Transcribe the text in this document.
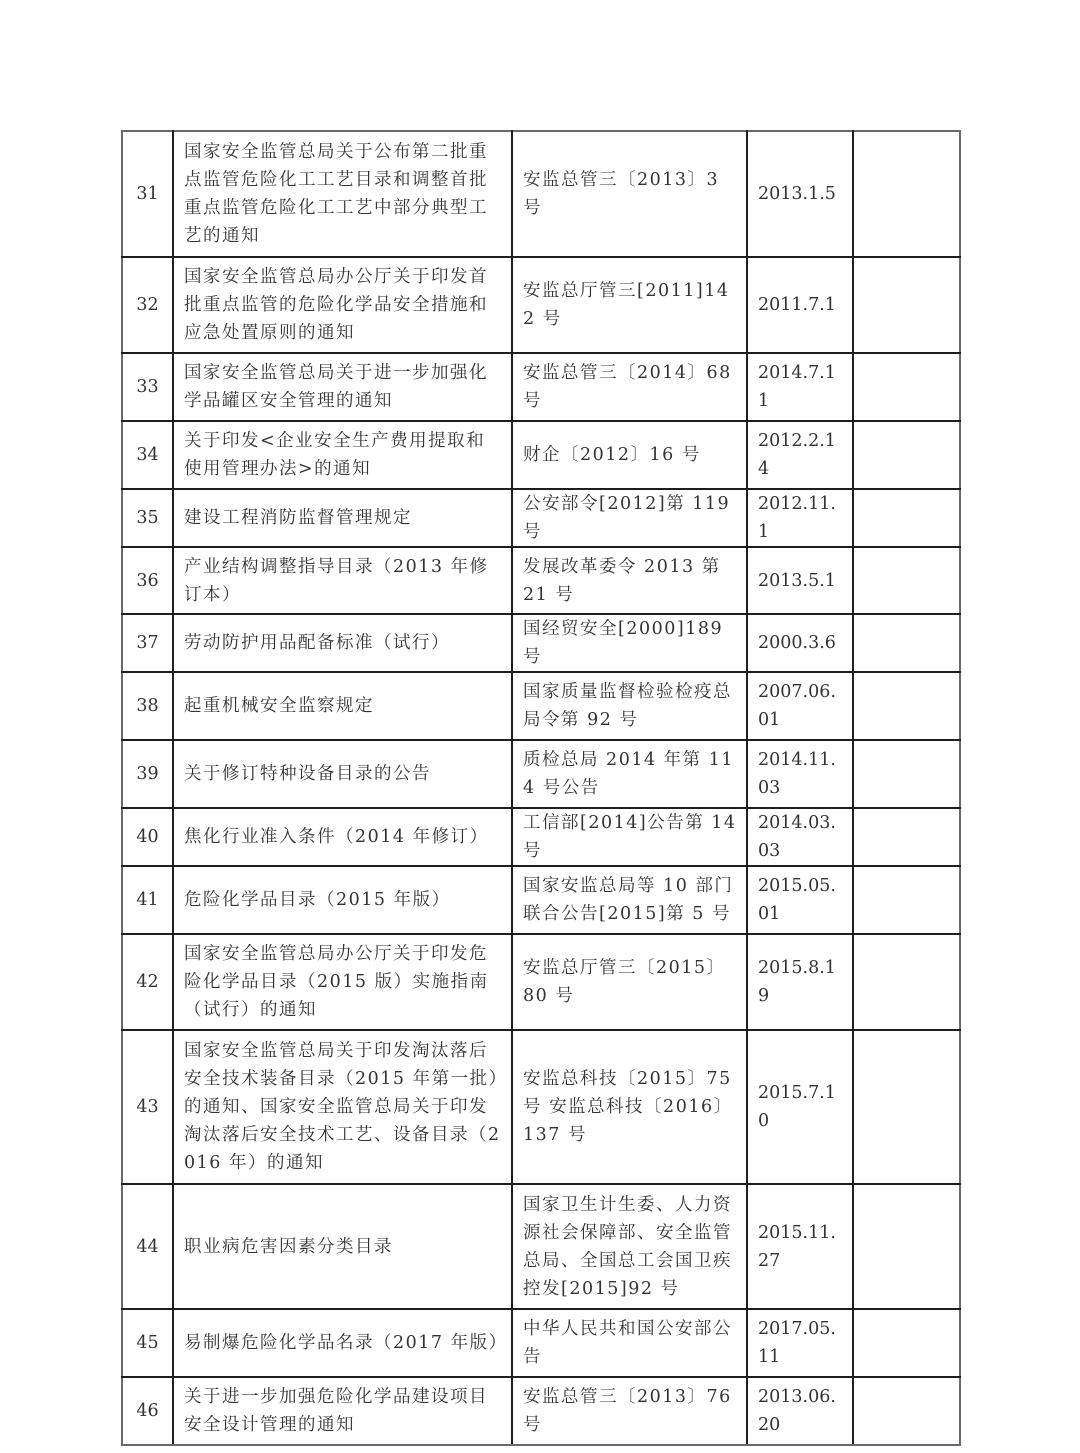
31	国家安全监管总局关于公布第二批重点监管危险化工工艺目录和调整首批重点监管危险化工工艺中部分典型工艺的通知	安监总管三〔2013〕3 号	2013.1.5	
32	国家安全监管总局办公厅关于印发首批重点监管的危险化学品安全措施和应急处置原则的通知	安监总厅管三[2011]142 号	2011.7.1	
33	国家安全监管总局关于进一步加强化学品罐区安全管理的通知	安监总管三〔2014〕68 号	2014.7.11	
34	关于印发<企业安全生产费用提取和使用管理办法>的通知	财企〔2012〕16 号	2012.2.14	
35	建设工程消防监督管理规定	公安部令[2012]第 119 号	2012.11.1	
36	产业结构调整指导目录（2013 年修订本）	发展改革委令 2013 第 21 号	2013.5.1	
37	劳动防护用品配备标准（试行）	国经贸安全[2000]189 号	2000.3.6	
38	起重机械安全监察规定	国家质量监督检验检疫总局令第 92 号	2007.06.01	
39	关于修订特种设备目录的公告	质检总局 2014 年第 114 号公告	2014.11.03	
40	焦化行业准入条件（2014 年修订）	工信部[2014]公告第 14 号	2014.03.03	
41	危险化学品目录（2015 年版）	国家安监总局等 10 部门联合公告[2015]第 5 号	2015.05.01	
42	国家安全监管总局办公厅关于印发危险化学品目录（2015 版）实施指南（试行）的通知	安监总厅管三〔2015〕80 号	2015.8.19	
43	国家安全监管总局关于印发淘汰落后安全技术装备目录（2015 年第一批）的通知、国家安全监管总局关于印发淘汰落后安全技术工艺、设备目录（2016 年）的通知	安监总科技〔2015〕75 号 安监总科技〔2016〕137 号	2015.7.10	
44	职业病危害因素分类目录	国家卫生计生委、人力资源社会保障部、安全监管总局、全国总工会国卫疾控发[2015]92 号	2015.11.27	
45	易制爆危险化学品名录（2017 年版）	中华人民共和国公安部公告	2017.05.11	
46	关于进一步加强危险化学品建设项目安全设计管理的通知	安监总管三〔2013〕76 号	2013.06.20	
